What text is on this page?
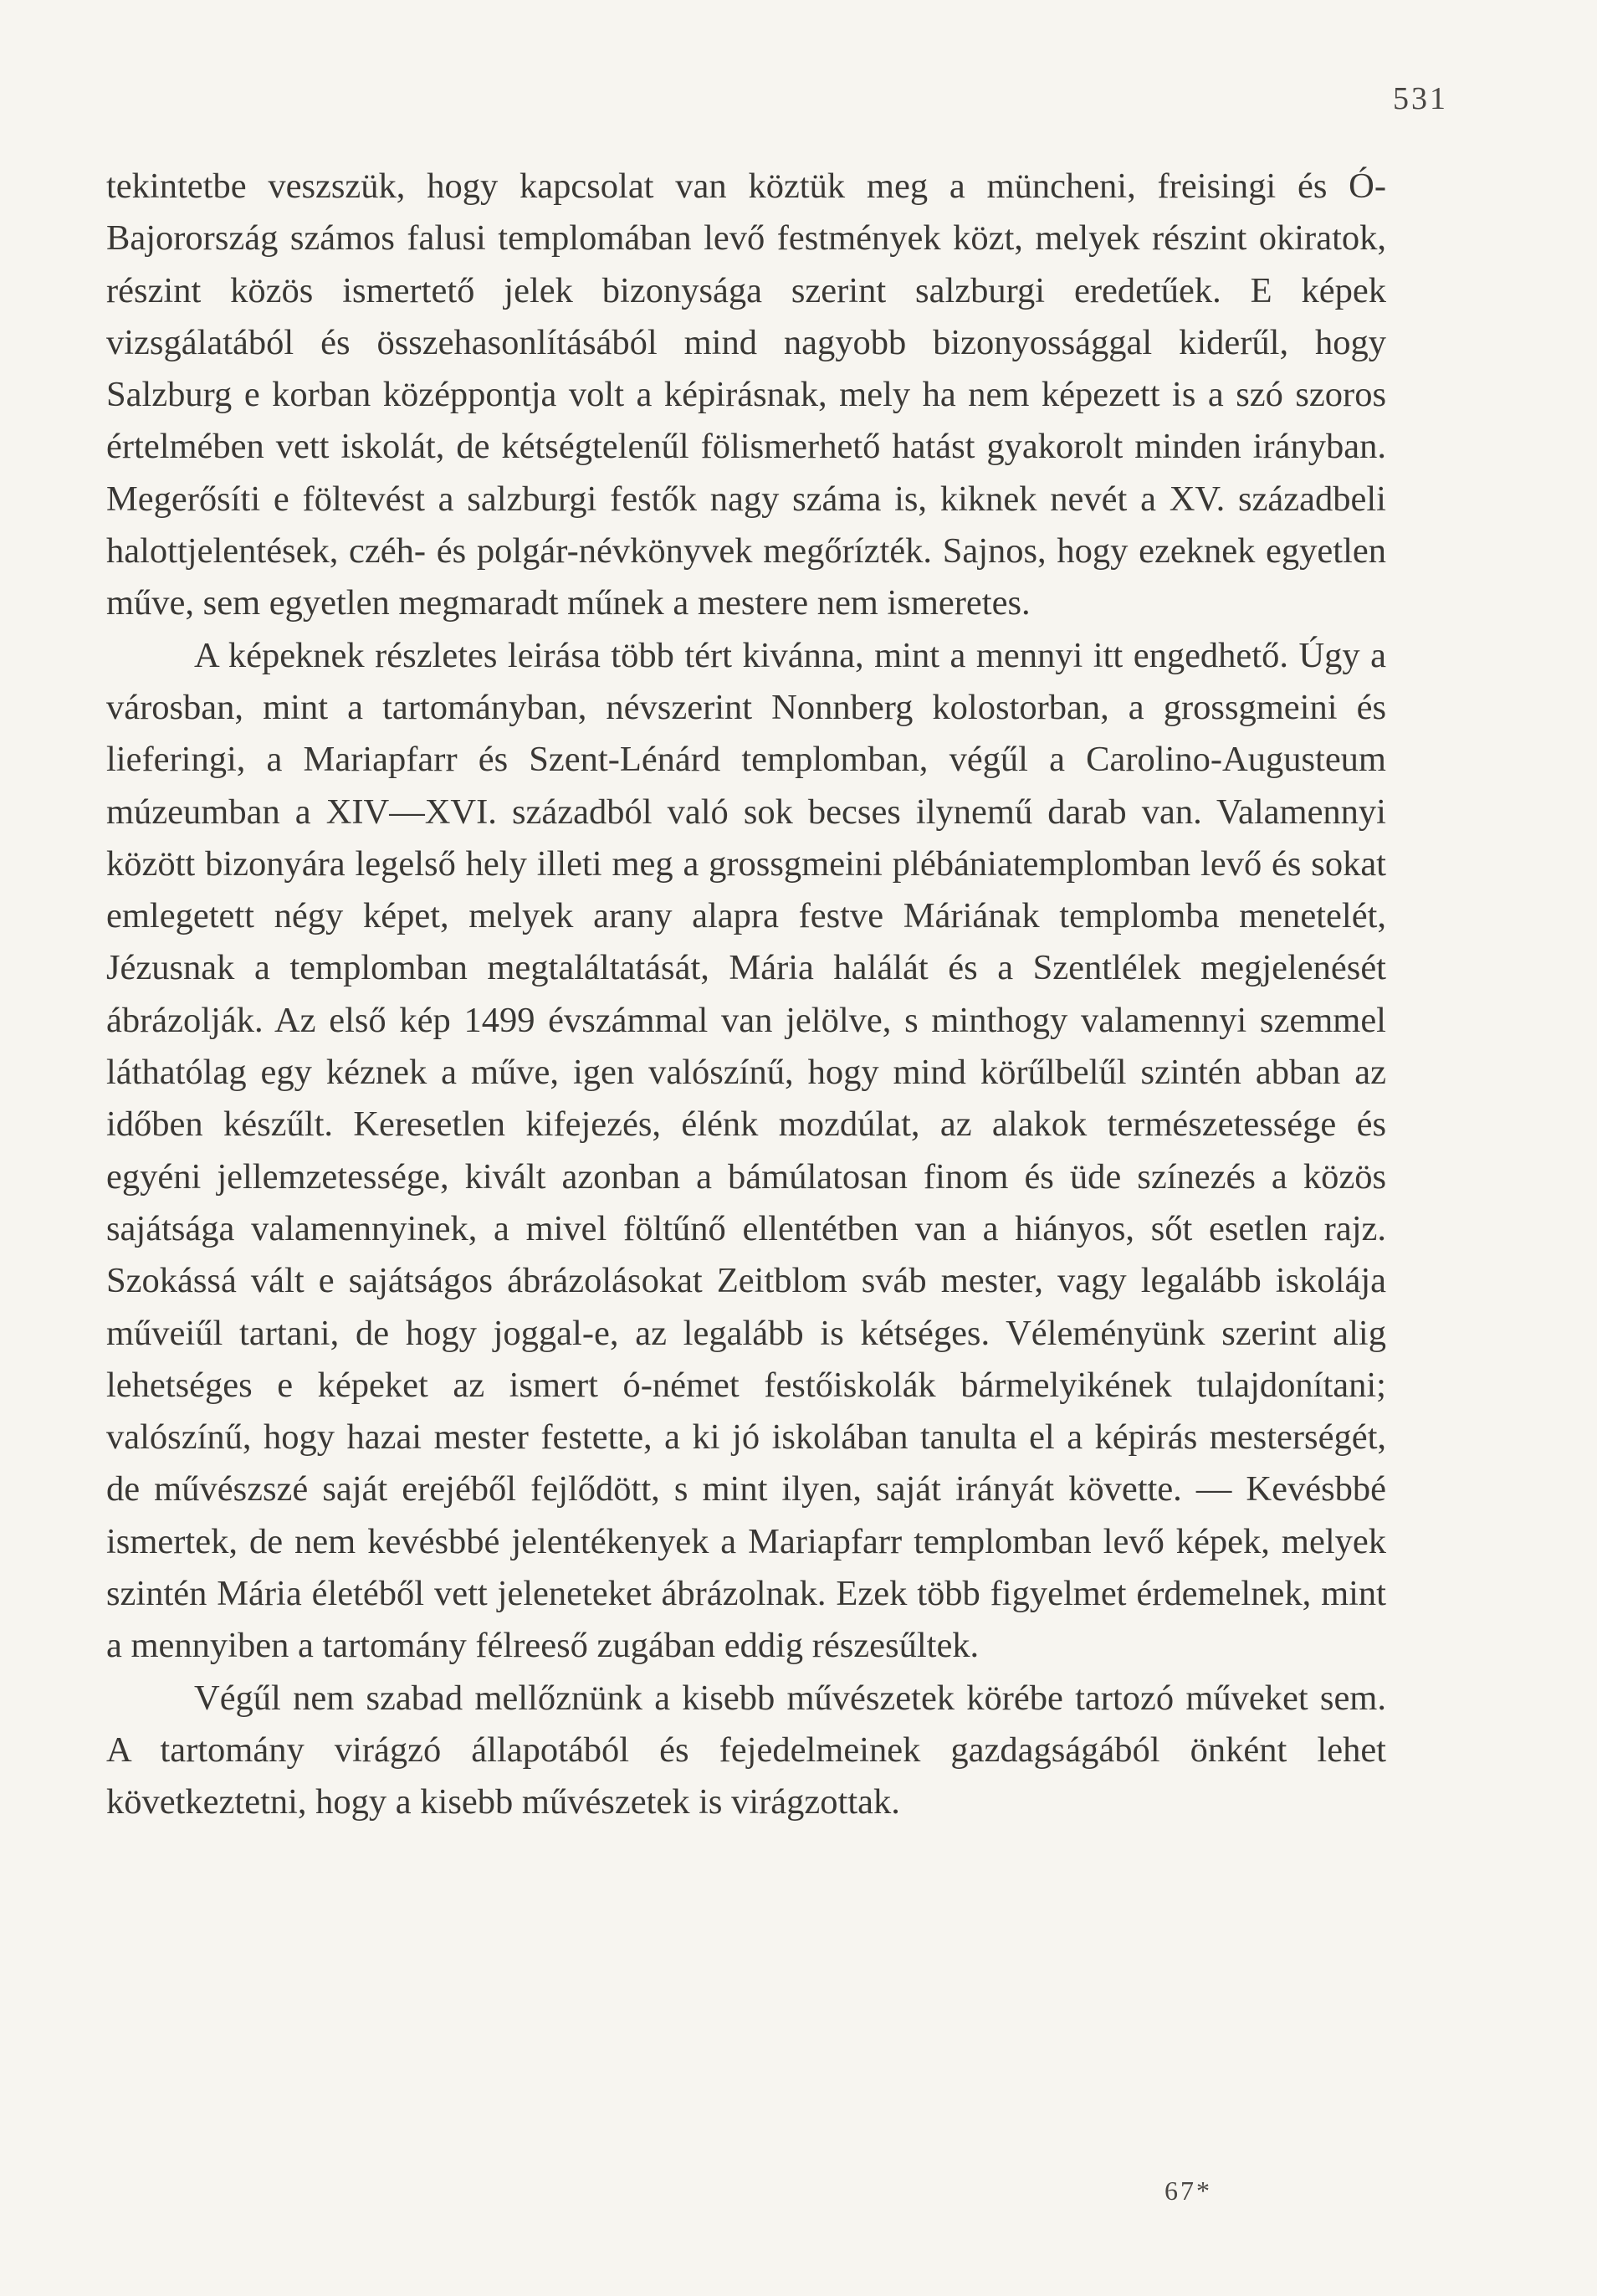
531

tekintetbe veszszük, hogy kapcsolat van köztük meg a müncheni, freisingi és Ó-Bajorország számos falusi templomában levő festmények közt, melyek részint okiratok, részint közös ismertető jelek bizonysága szerint salzburgi eredetűek. E képek vizsgálatából és összehasonlításából mind nagyobb bizonyossággal kiderűl, hogy Salzburg e korban középpontja volt a képirásnak, mely ha nem képezett is a szó szoros értelmében vett iskolát, de kétségtelenűl fölismerhető hatást gyakorolt minden irányban. Megerősíti e föltevést a salzburgi festők nagy száma is, kiknek nevét a XV. századbeli halottjelentések, czéh- és polgár-névkönyvek megőrízték. Sajnos, hogy ezeknek egyetlen műve, sem egyetlen megmaradt műnek a mestere nem ismeretes.

A képeknek részletes leirása több tért kivánna, mint a mennyi itt engedhető. Úgy a városban, mint a tartományban, névszerint Nonnberg kolostorban, a grossgmeini és lieferingi, a Mariapfarr és Szent-Lénárd templomban, végűl a Carolino-Augusteum múzeumban a XIV—XVI. századból való sok becses ilynemű darab van. Valamennyi között bizonyára legelső hely illeti meg a grossgmeini plébániatemplomban levő és sokat emlegetett négy képet, melyek arany alapra festve Máriának templomba menetelét, Jézusnak a templomban megtaláltatását, Mária halálát és a Szentlélek megjelenését ábrázolják. Az első kép 1499 évszámmal van jelölve, s minthogy valamennyi szemmel láthatólag egy kéznek a műve, igen valószínű, hogy mind körűlbelűl szintén abban az időben készűlt. Keresetlen kifejezés, élénk mozdúlat, az alakok természetessége és egyéni jellemzetessége, kivált azonban a bámúlatosan finom és üde színezés a közös sajátsága valamennyinek, a mivel föltűnő ellentétben van a hiányos, sőt esetlen rajz. Szokássá vált e sajátságos ábrázolásokat Zeitblom sváb mester, vagy legalább iskolája műveiűl tartani, de hogy joggal-e, az legalább is kétséges. Véleményünk szerint alig lehetséges e képeket az ismert ó-német festőiskolák bármelyikének tulajdonítani; valószínű, hogy hazai mester festette, a ki jó iskolában tanulta el a képirás mesterségét, de művészszé saját erejéből fejlődött, s mint ilyen, saját irányát követte. — Kevésbbé ismertek, de nem kevésbbé jelentékenyek a Mariapfarr templomban levő képek, melyek szintén Mária életéből vett jeleneteket ábrázolnak. Ezek több figyelmet érdemelnek, mint a mennyiben a tartomány félreeső zugában eddig részesűltek.

Végűl nem szabad mellőznünk a kisebb művészetek körébe tartozó műveket sem. A tartomány virágzó állapotából és fejedelmeinek gazdagságából önként lehet következtetni, hogy a kisebb művészetek is virágzottak.

67*
